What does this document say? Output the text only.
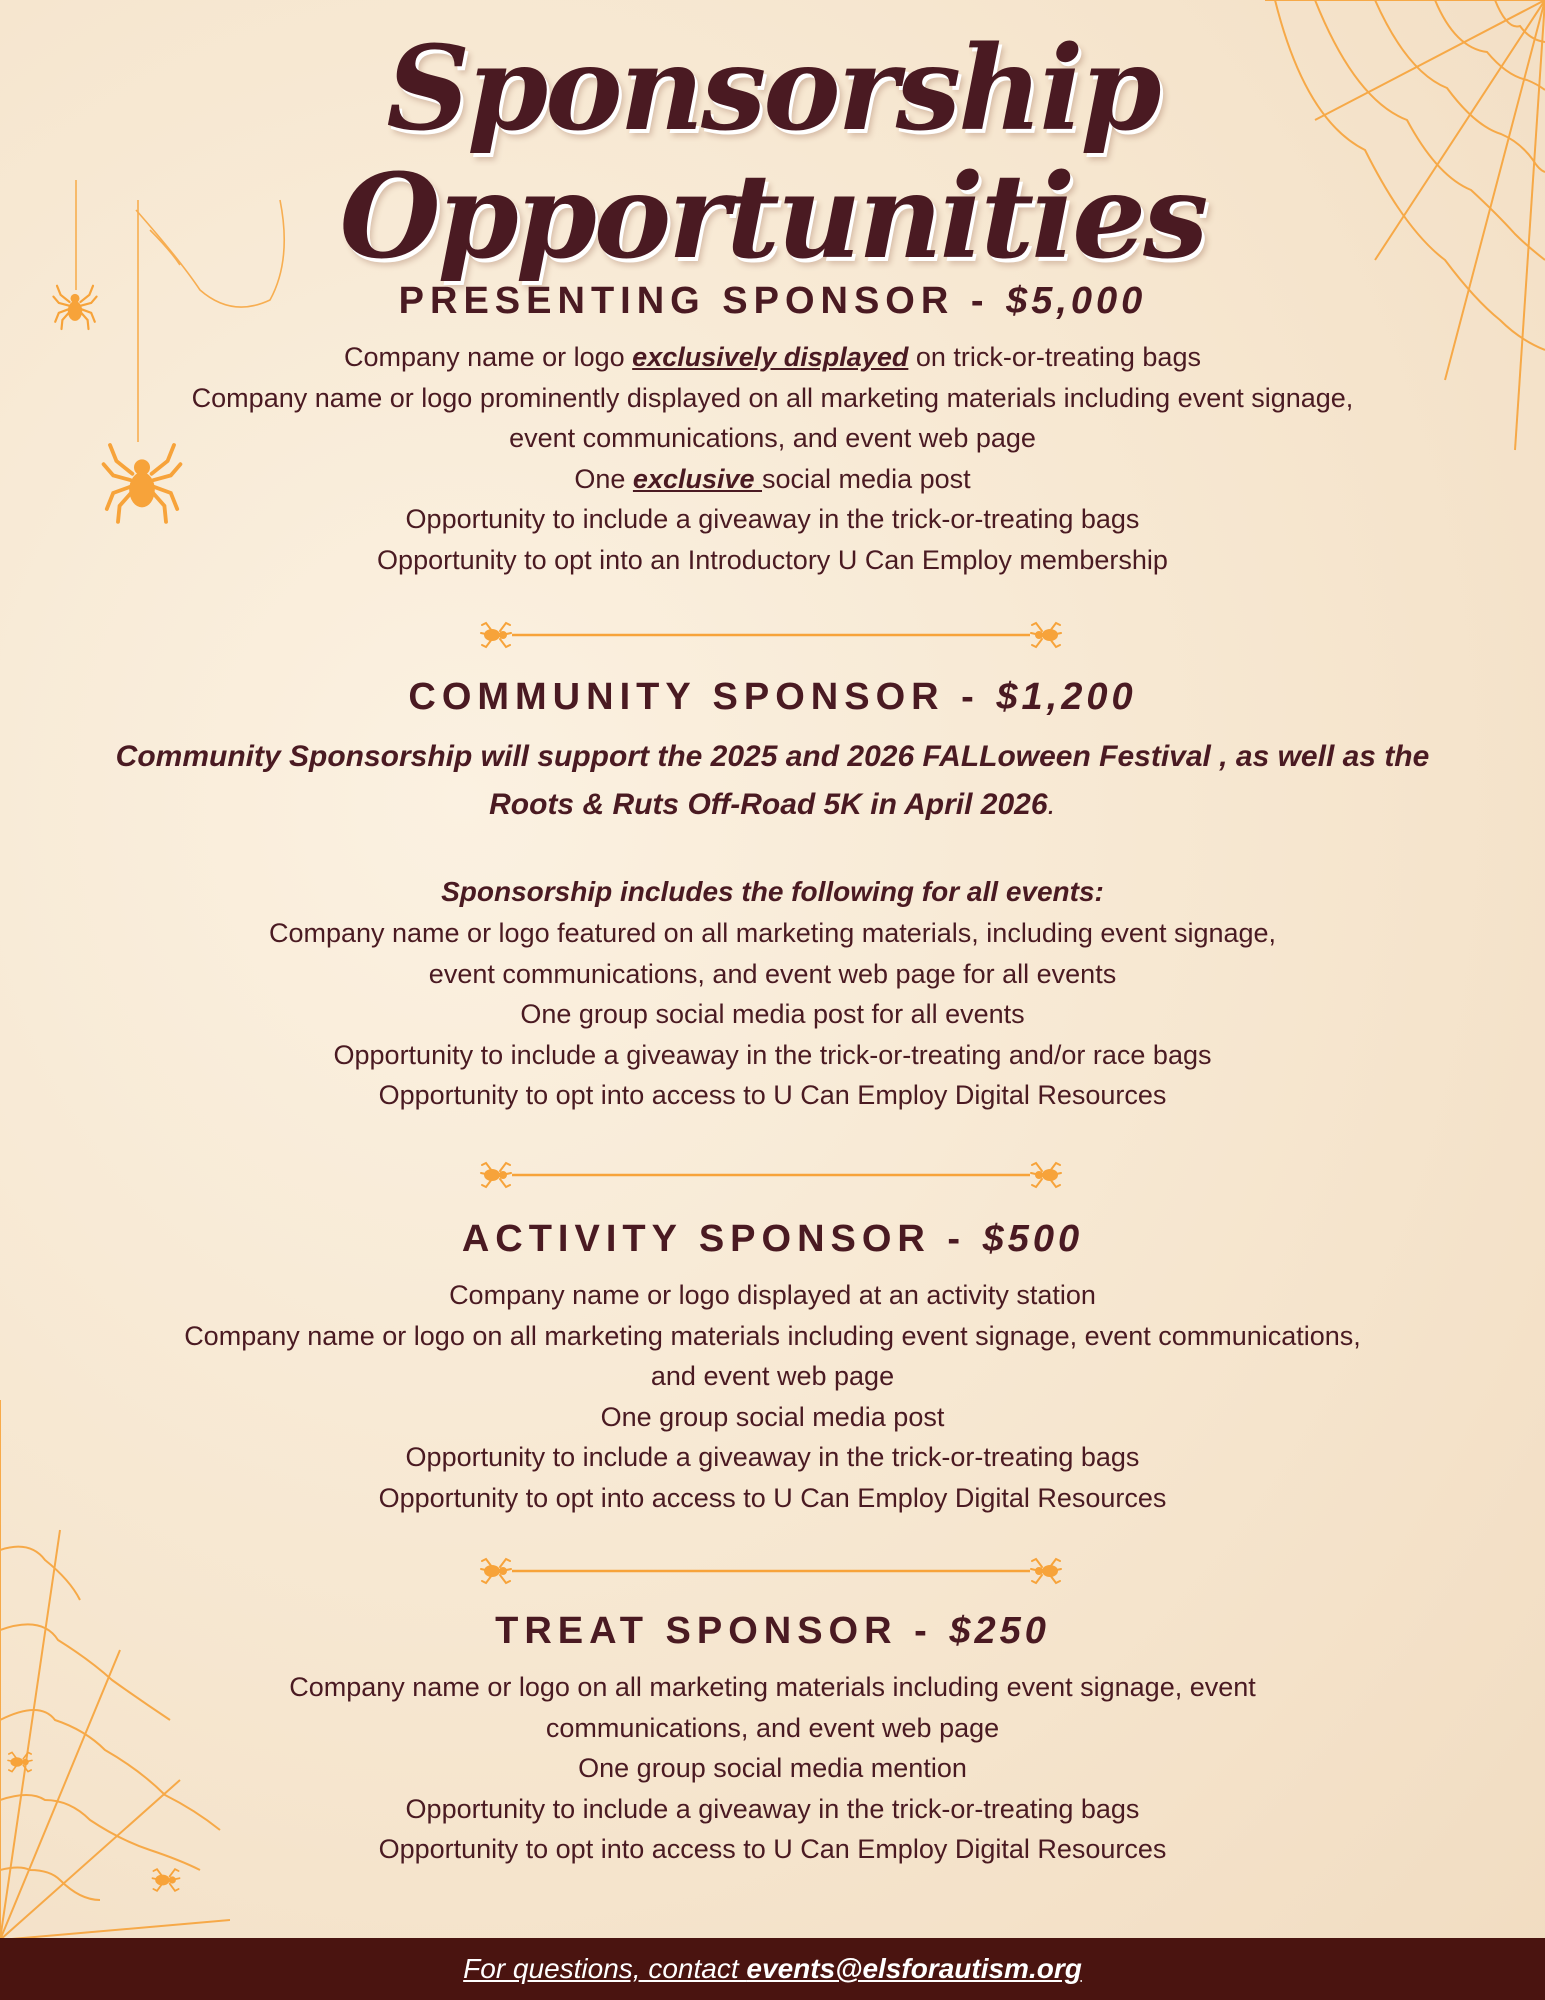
Sponsorship Opportunities
PRESENTING SPONSOR - $5,000

Company name or logo exclusively displayed on trick-or-treating bags

Company name or logo prominently displayed on all marketing materials including event signage,

event communications, and event web page

One exclusive social media post

Opportunity to include a giveaway in the trick-or-treating bags

Opportunity to opt into an Introductory U Can Employ membership

COMMUNITY SPONSOR - $1,200

Community Sponsorship will support the 2025 and 2026 FALLoween Festival , as well as the

Roots & Ruts Off-Road 5K in April 2026.

Sponsorship includes the following for all events:

Company name or logo featured on all marketing materials, including event signage,

event communications, and event web page for all events

One group social media post for all events

Opportunity to include a giveaway in the trick-or-treating and/or race bags

Opportunity to opt into access to U Can Employ Digital Resources

ACTIVITY SPONSOR - $500

Company name or logo displayed at an activity station

Company name or logo on all marketing materials including event signage, event communications,

and event web page

One group social media post

Opportunity to include a giveaway in the trick-or-treating bags

Opportunity to opt into access to U Can Employ Digital Resources

TREAT SPONSOR - $250

Company name or logo on all marketing materials including event signage, event

communications, and event web page

One group social media mention

Opportunity to include a giveaway in the trick-or-treating bags

Opportunity to opt into access to U Can Employ Digital Resources

For questions, contact events@elsforautism.org
